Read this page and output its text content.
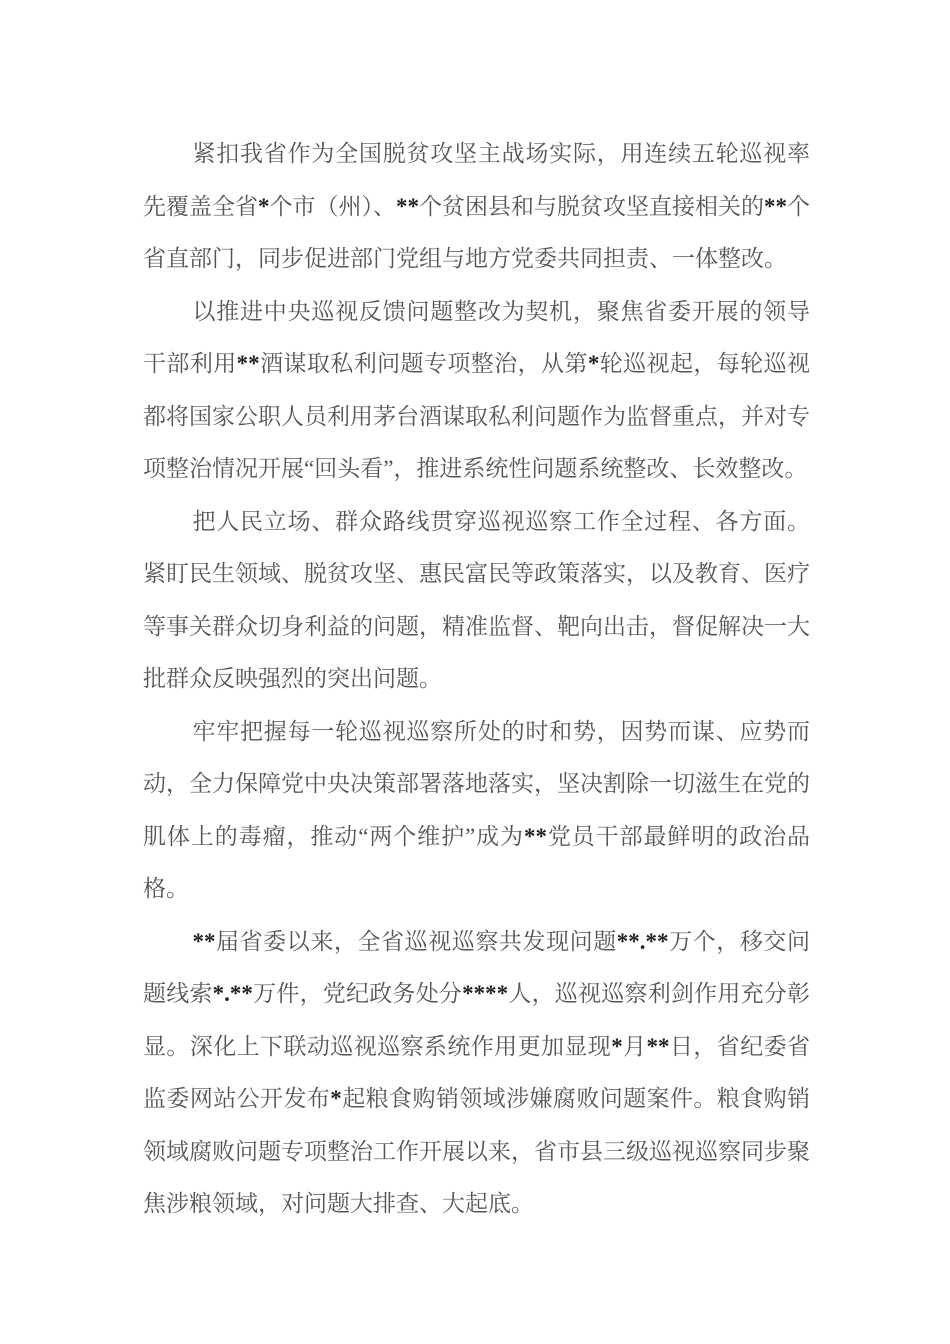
紧扣我省作为全国脱贫攻坚主战场实际，用连续五轮巡视率先覆盖全省*个市（州）、**个贫困县和与脱贫攻坚直接相关的**个省直部门，同步促进部门党组与地方党委共同担责、一体整改。

以推进中央巡视反馈问题整改为契机，聚焦省委开展的领导干部利用**酒谋取私利问题专项整治，从第*轮巡视起，每轮巡视都将国家公职人员利用茅台酒谋取私利问题作为监督重点，并对专项整治情况开展“回头看”，推进系统性问题系统整改、长效整改。

把人民立场、群众路线贯穿巡视巡察工作全过程、各方面。紧盯民生领域、脱贫攻坚、惠民富民等政策落实，以及教育、医疗等事关群众切身利益的问题，精准监督、靶向出击，督促解决一大批群众反映强烈的突出问题。

牢牢把握每一轮巡视巡察所处的时和势，因势而谋、应势而动，全力保障党中央决策部署落地落实，坚决割除一切滋生在党的肌体上的毒瘤，推动“两个维护”成为**党员干部最鲜明的政治品格。

**届省委以来，全省巡视巡察共发现问题**.**万个，移交问题线索*.**万件，党纪政务处分****人，巡视巡察利剑作用充分彰显。深化上下联动巡视巡察系统作用更加显现*月**日，省纪委省监委网站公开发布*起粮食购销领域涉嫌腐败问题案件。粮食购销领域腐败问题专项整治工作开展以来，省市县三级巡视巡察同步聚焦涉粮领域，对问题大排查、大起底。
